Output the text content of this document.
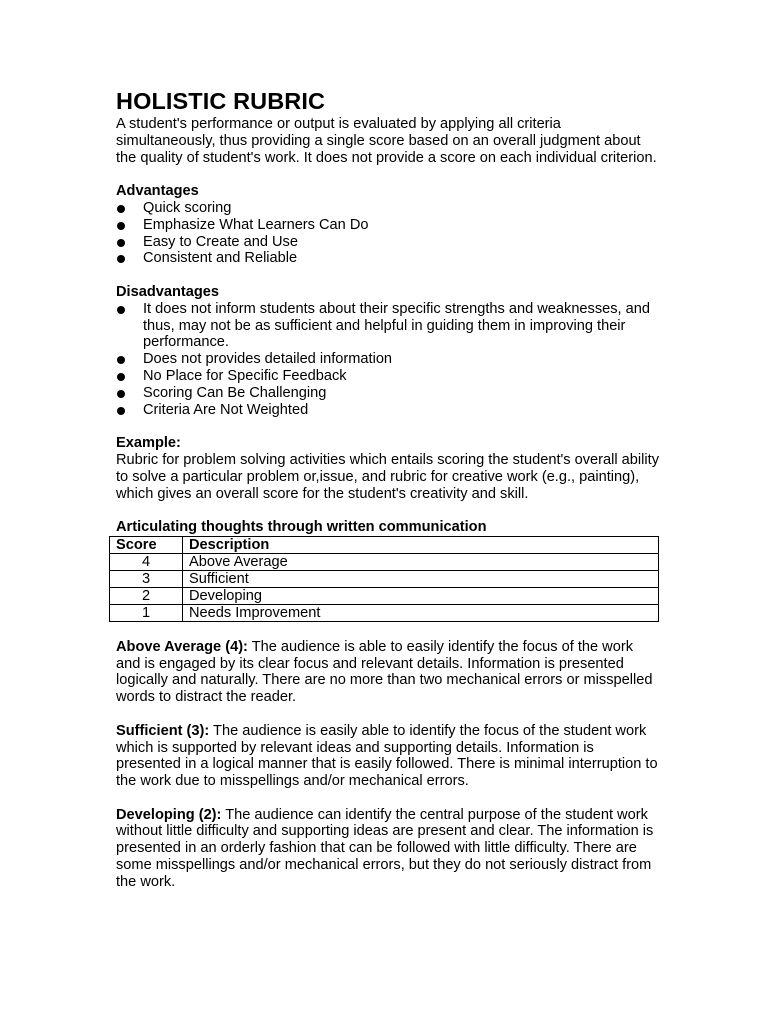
HOLISTIC RUBRIC

A student's performance or output is evaluated by applying all criteria simultaneously, thus providing a single score based on an overall judgment about the quality of student's work. It does not provide a score on each individual criterion.

Advantages

Quick scoring
Emphasize What Learners Can Do
Easy to Create and Use
Consistent and Reliable

Disadvantages

It does not inform students about their specific strengths and weaknesses, and thus, may not be as sufficient and helpful in guiding them in improving their performance.
Does not provides detailed information
No Place for Specific Feedback
Scoring Can Be Challenging
Criteria Are Not Weighted

Example:

Rubric for problem solving activities which entails scoring the student's overall ability to solve a particular problem or,issue, and rubric for creative work (e.g., painting), which gives an overall score for the student's creativity and skill.

Articulating thoughts through written communication

Score	Description
4	Above Average
3	Sufficient
2	Developing
1	Needs Improvement

Above Average (4): The audience is able to easily identify the focus of the work and is engaged by its clear focus and relevant details. Information is presented logically and naturally. There are no more than two mechanical errors or misspelled words to distract the reader.

Sufficient (3): The audience is easily able to identify the focus of the student work which is supported by relevant ideas and supporting details. Information is presented in a logical manner that is easily followed. There is minimal interruption to the work due to misspellings and/or mechanical errors.

Developing (2): The audience can identify the central purpose of the student work without little difficulty and supporting ideas are present and clear. The information is presented in an orderly fashion that can be followed with little difficulty. There are some misspellings and/or mechanical errors, but they do not seriously distract from the work.
